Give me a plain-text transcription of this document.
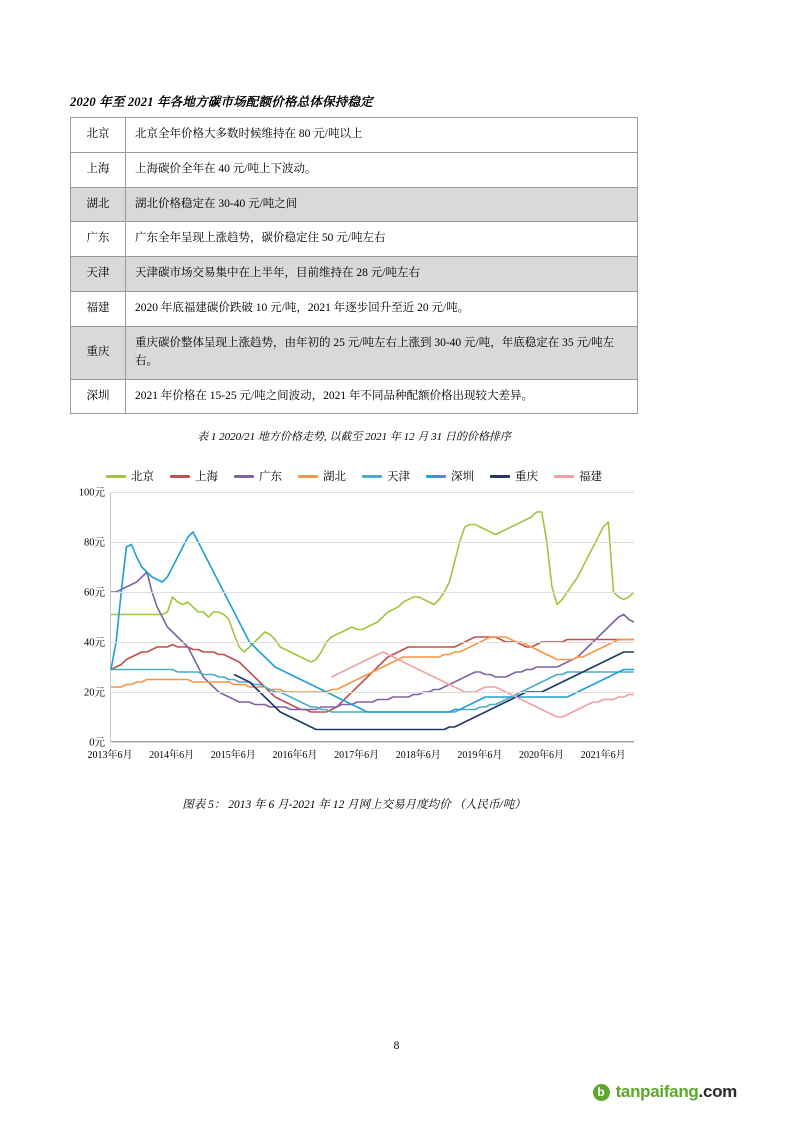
2020 年至 2021 年各地方碳市场配额价格总体保持稳定
北京	北京全年价格大多数时候维持在 80 元/吨以上
上海	上海碳价全年在 40 元/吨上下波动。
湖北	湖北价格稳定在 30-40 元/吨之间
广东	广东全年呈现上涨趋势，碳价稳定住 50 元/吨左右
天津	天津碳市场交易集中在上半年，目前维持在 28 元/吨左右
福建	2020 年底福建碳价跌破 10 元/吨，2021 年逐步回升至近 20 元/吨。
重庆	重庆碳价整体呈现上涨趋势，由年初的 25 元/吨左右上涨到 30-40 元/吨，年底稳定在 35 元/吨左右。
深圳	2021 年价格在 15-25 元/吨之间波动，2021 年不同品种配额价格出现较大差异。
表 1 2020/21 地方价格走势, 以截至 2021 年 12 月 31 日的价格排序
北京	上海	广东	湖北	天津	深圳	重庆	福建
0元
20元
40元
60元
80元
100元
2013年6月 2014年6月 2015年6月 2016年6月 2017年6月 2018年6月 2019年6月 2020年6月 2021年6月
图表 5： 2013 年 6 月-2021 年 12 月网上交易月度均价 （人民币/吨）
8
b tanpaifang.com
